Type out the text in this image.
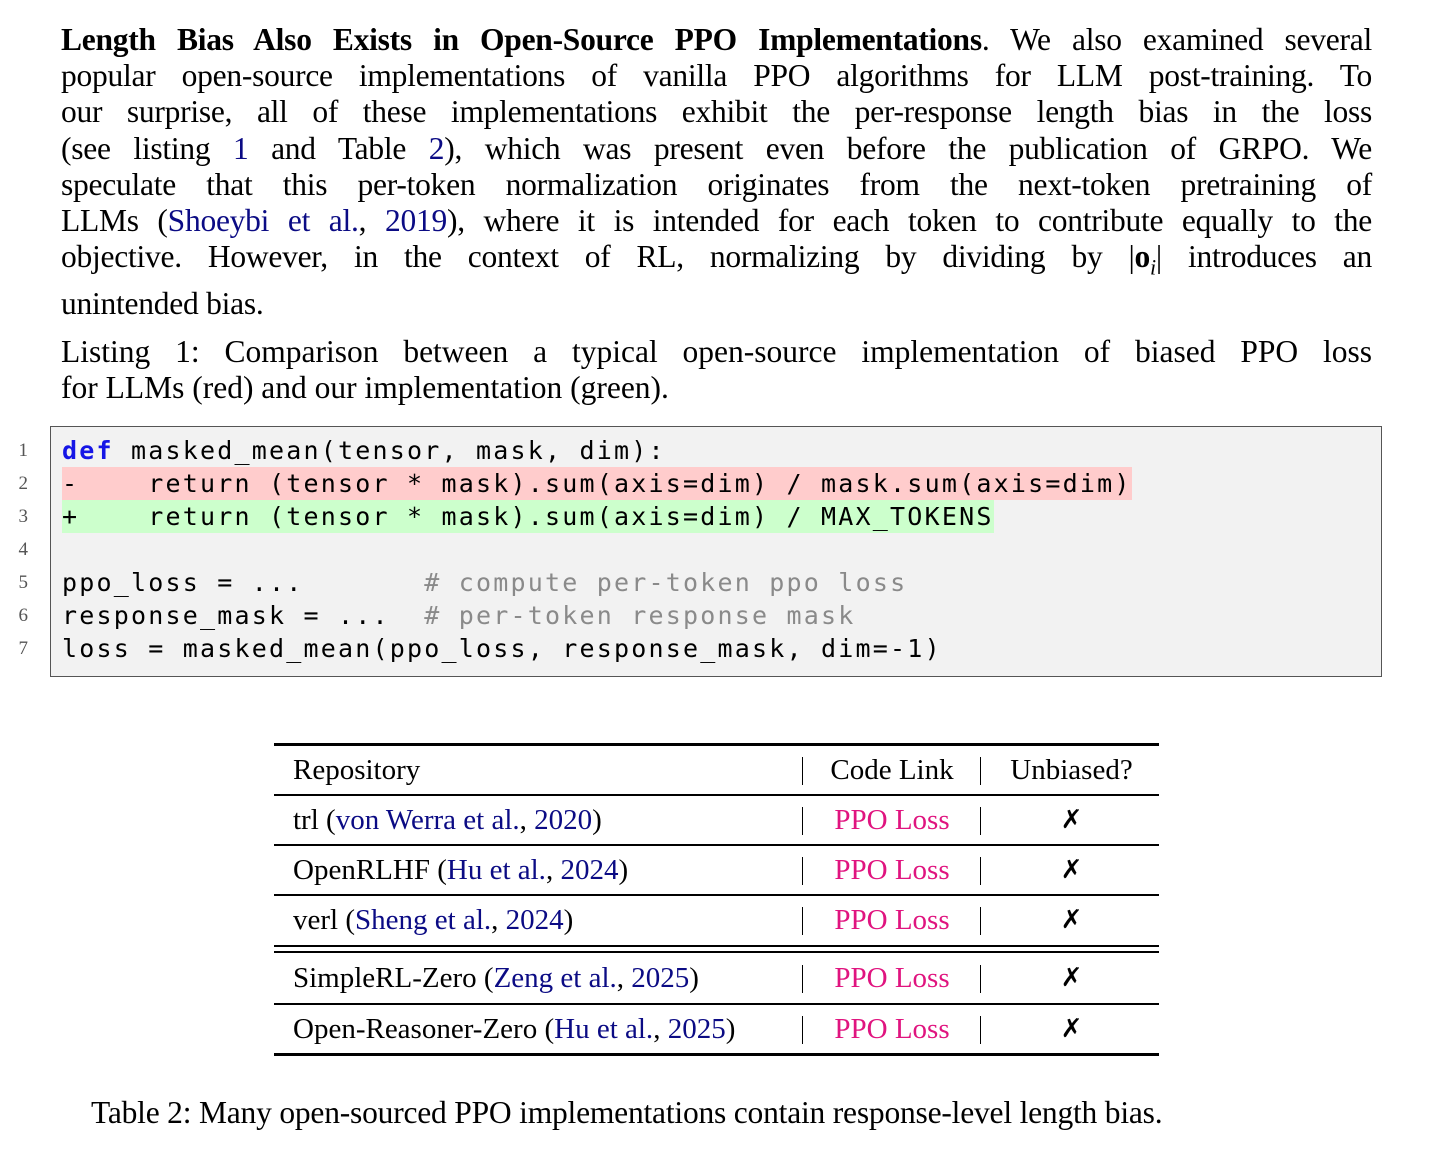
Length Bias Also Exists in Open-Source PPO Implementations. We also examined several
popular open-source implementations of vanilla PPO algorithms for LLM post-training. To
our surprise, all of these implementations exhibit the per-response length bias in the loss
(see listing 1 and Table 2), which was present even before the publication of GRPO. We
speculate that this per-token normalization originates from the next-token pretraining of
LLMs (Shoeybi et al., 2019), where it is intended for each token to contribute equally to the
objective. However, in the context of RL, normalizing by dividing by $|o_i|$ introduces an
unintended bias.
Listing 1: Comparison between a typical open-source implementation of biased PPO loss
for LLMs (red) and our implementation (green).
1
2
3
4
5
6
7
def masked_mean(tensor, mask, dim):
-    return (tensor * mask).sum(axis=dim) / mask.sum(axis=dim)
+    return (tensor * mask).sum(axis=dim) / MAX_TOKENS
ppo_loss = ...       # compute per-token ppo loss
response_mask = ...  # per-token response mask
loss = masked_mean(ppo_loss, response_mask, dim=-1)
Repository	Code Link	Unbiased?
trl (von Werra et al., 2020)	PPO Loss	✗
OpenRLHF (Hu et al., 2024)	PPO Loss	✗
verl (Sheng et al., 2024)	PPO Loss	✗
SimpleRL-Zero (Zeng et al., 2025)	PPO Loss	✗
Open-Reasoner-Zero (Hu et al., 2025)	PPO Loss	✗
Table 2: Many open-sourced PPO implementations contain response-level length bias.
